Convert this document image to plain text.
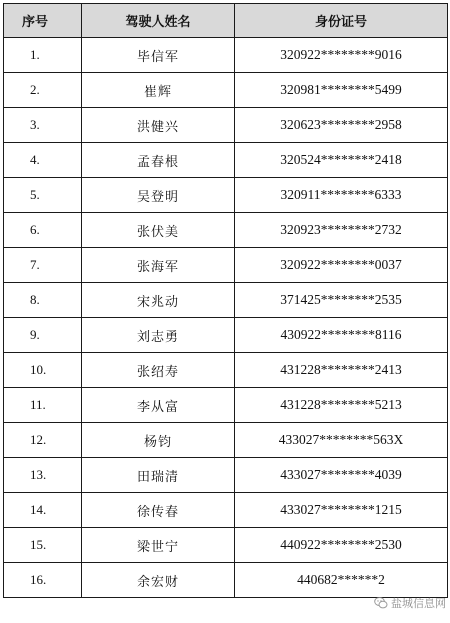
序号	驾驶人姓名	身份证号
1.	毕信军	320922********9016
2.	崔辉	320981********5499
3.	洪健兴	320623********2958
4.	孟春根	320524********2418
5.	吴登明	320911********6333
6.	张伏美	320923********2732
7.	张海军	320922********0037
8.	宋兆动	371425********2535
9.	刘志勇	430922********8116
10.	张绍寿	431228********2413
11.	李从富	431228********5213
12.	杨钧	433027********563X
13.	田瑞清	433027********4039
14.	徐传春	433027********1215
15.	梁世宁	440922********2530
16.	余宏财	440682******2
盐城信息网
